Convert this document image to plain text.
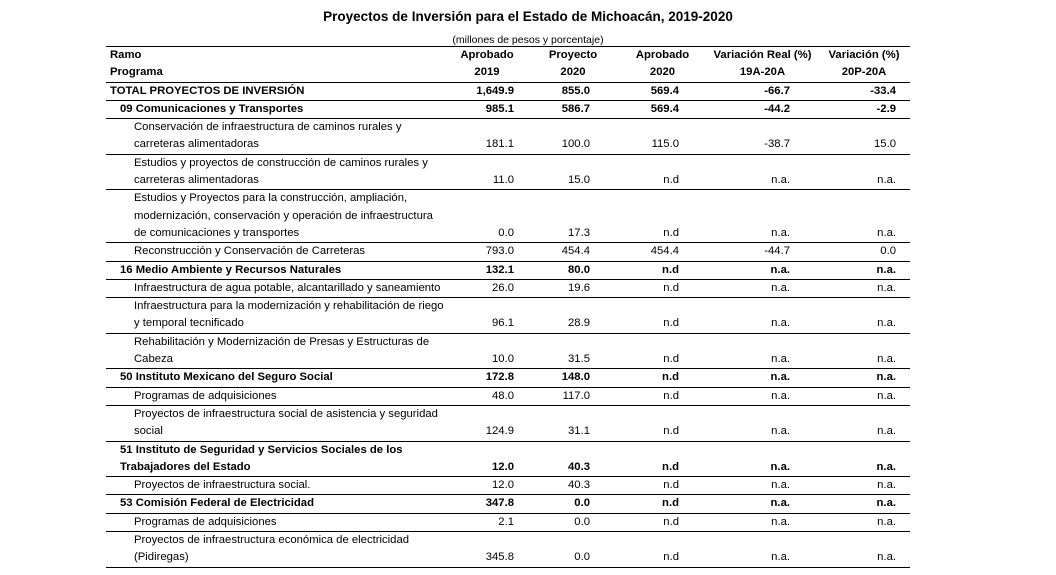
Proyectos de Inversión para el Estado de Michoacán, 2019-2020
(millones de pesos y porcentaje)
Ramo	Aprobado	Proyecto	Aprobado	Variación Real (%)	Variación (%)
Programa	2019	2020	2020	19A-20A	20P-20A
TOTAL PROYECTOS DE INVERSIÓN	1,649.9	855.0	569.4	-66.7	-33.4
09 Comunicaciones y Transportes	985.1	586.7	569.4	-44.2	-2.9
Conservación de infraestructura de caminos rurales y carreteras alimentadoras	181.1	100.0	115.0	-38.7	15.0
Estudios y proyectos de construcción de caminos rurales y carreteras alimentadoras	11.0	15.0	n.d	n.a.	n.a.
Estudios y Proyectos para la construcción, ampliación, modernización, conservación y operación de infraestructura de comunicaciones y transportes	0.0	17.3	n.d	n.a.	n.a.
Reconstrucción y Conservación de Carreteras	793.0	454.4	454.4	-44.7	0.0
16 Medio Ambiente y Recursos Naturales	132.1	80.0	n.d	n.a.	n.a.
Infraestructura de agua potable, alcantarillado y saneamiento	26.0	19.6	n.d	n.a.	n.a.
Infraestructura para la modernización y rehabilitación de riego y temporal tecnificado	96.1	28.9	n.d	n.a.	n.a.
Rehabilitación y Modernización de Presas y Estructuras de Cabeza	10.0	31.5	n.d	n.a.	n.a.
50 Instituto Mexicano del Seguro Social	172.8	148.0	n.d	n.a.	n.a.
Programas de adquisiciones	48.0	117.0	n.d	n.a.	n.a.
Proyectos de infraestructura social de asistencia y seguridad social	124.9	31.1	n.d	n.a.	n.a.
51 Instituto de Seguridad y Servicios Sociales de los Trabajadores del Estado	12.0	40.3	n.d	n.a.	n.a.
Proyectos de infraestructura social.	12.0	40.3	n.d	n.a.	n.a.
53 Comisión Federal de Electricidad	347.8	0.0	n.d	n.a.	n.a.
Programas de adquisiciones	2.1	0.0	n.d	n.a.	n.a.
Proyectos de infraestructura económica de electricidad (Pidiregas)	345.8	0.0	n.d	n.a.	n.a.
